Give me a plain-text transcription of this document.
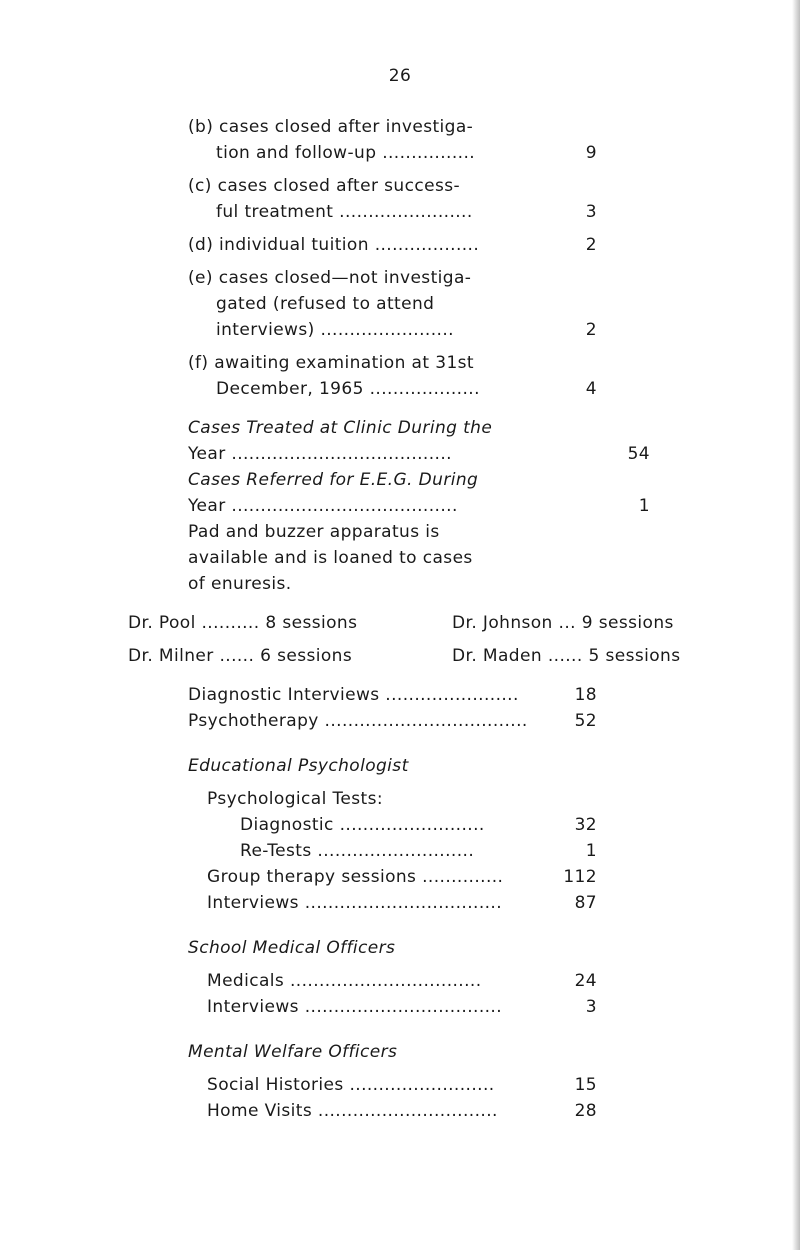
26
(b) cases closed after investiga-
tion and follow-up ................	9
(c) cases closed after success-
ful treatment .......................	3
(d) individual tuition ..................	2
(e) cases closed—not investiga-
gated (refused to attend
interviews) .......................	2
(f) awaiting examination at 31st
December, 1965 ...................	4
Cases Treated at Clinic During the
Year ......................................	54
Cases Referred for E.E.G. During
Year .......................................	1
Pad and buzzer apparatus is
available and is loaned to cases
of enuresis.
Dr. Pool .......... 8 sessions	Dr. Johnson ... 9 sessions
Dr. Milner ...... 6 sessions	Dr. Maden ...... 5 sessions
Diagnostic Interviews .......................	18
Psychotherapy ...................................	52
Educational Psychologist
Psychological Tests:
Diagnostic .........................	32
Re-Tests ...........................	1
Group therapy sessions ..............	112
Interviews ..................................	87
School Medical Officers
Medicals .................................	24
Interviews ..................................	3
Mental Welfare Officers
Social Histories .........................	15
Home Visits ...............................	28
